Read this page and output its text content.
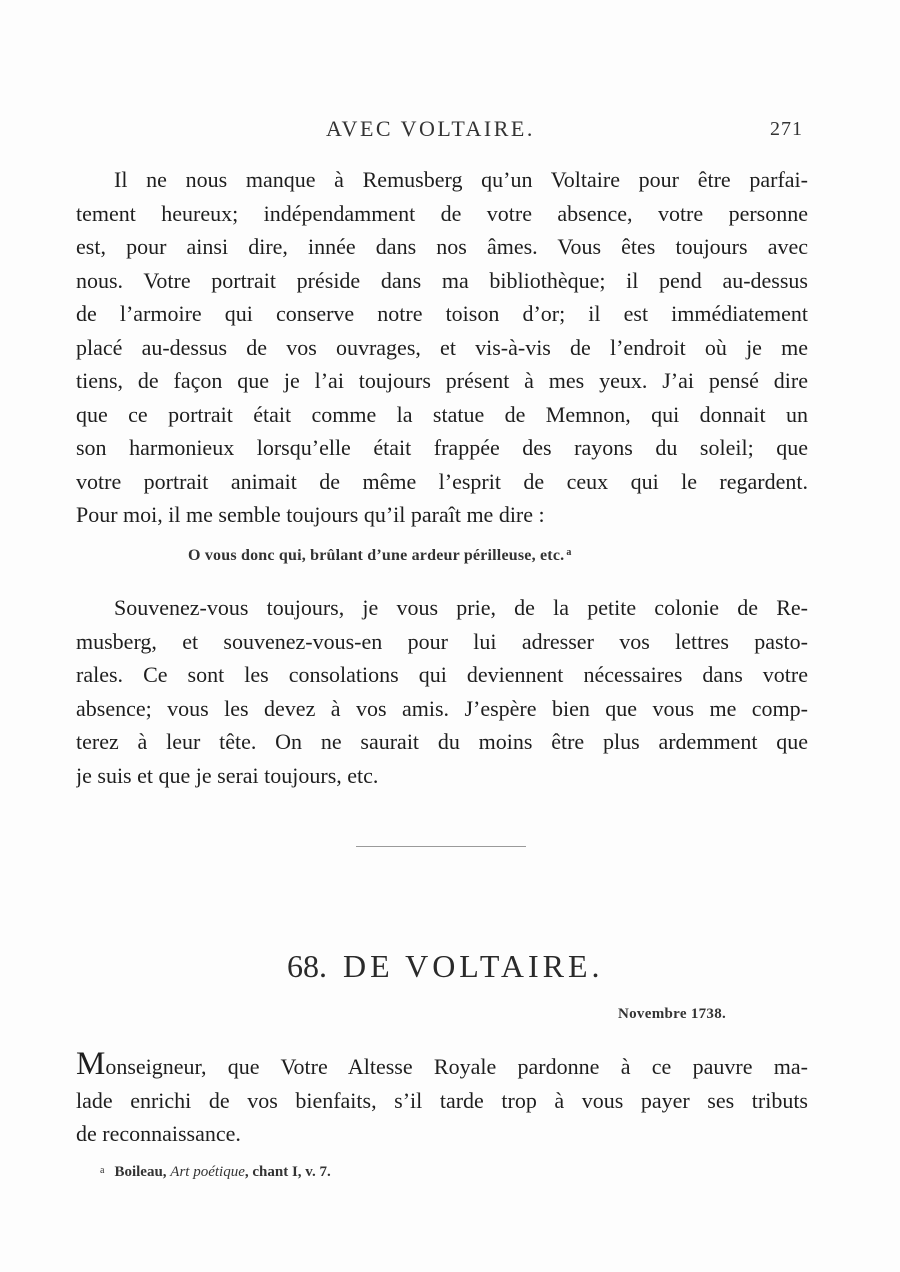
AVEC VOLTAIRE.	271
Il ne nous manque à Remusberg qu’un Voltaire pour être parfai-
tement heureux; indépendamment de votre absence, votre personne
est, pour ainsi dire, innée dans nos âmes. Vous êtes toujours avec
nous. Votre portrait préside dans ma bibliothèque; il pend au-dessus
de l’armoire qui conserve notre toison d’or; il est immédiatement
placé au-dessus de vos ouvrages, et vis-à-vis de l’endroit où je me
tiens, de façon que je l’ai toujours présent à mes yeux. J’ai pensé dire
que ce portrait était comme la statue de Memnon, qui donnait un
son harmonieux lorsqu’elle était frappée des rayons du soleil; que
votre portrait animait de même l’esprit de ceux qui le regardent.
Pour moi, il me semble toujours qu’il paraît me dire :
O vous donc qui, brûlant d’une ardeur périlleuse, etc. $^a$
Souvenez-vous toujours, je vous prie, de la petite colonie de Re-
musberg, et souvenez-vous-en pour lui adresser vos lettres pasto-
rales. Ce sont les consolations qui deviennent nécessaires dans votre
absence; vous les devez à vos amis. J’espère bien que vous me comp-
terez à leur tête. On ne saurait du moins être plus ardemment que
je suis et que je serai toujours, etc.
68. DE VOLTAIRE.
Novembre 1738.
Monseigneur, que Votre Altesse Royale pardonne à ce pauvre ma-
lade enrichi de vos bienfaits, s’il tarde trop à vous payer ses tributs
de reconnaissance.
$^a$ Boileau, Art poétique, chant I, v. 7.
